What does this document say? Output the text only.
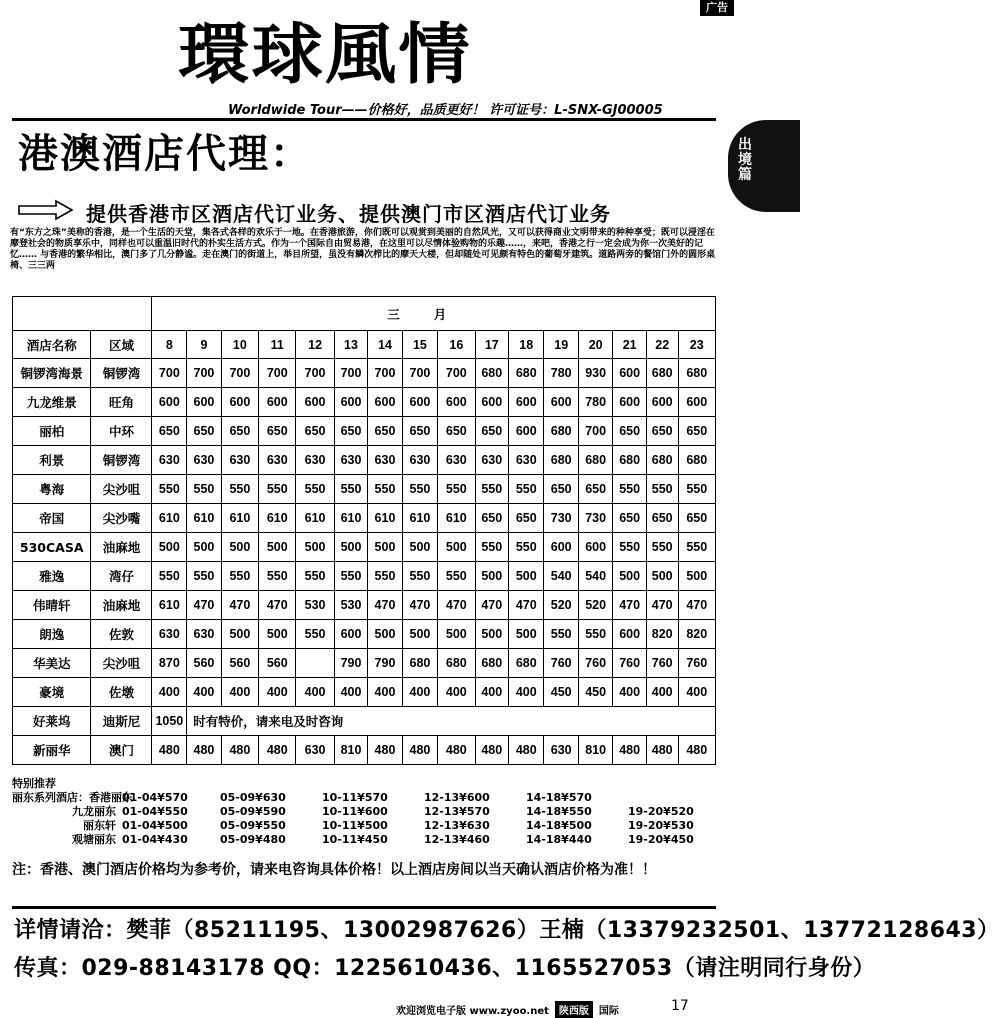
广告
環球風情
Worldwide Tour——价格好，品质更好！ 许可证号：L-SNX-GJ00005
出
境
篇
港澳酒店代理：
提供香港市区酒店代订业务、提供澳门市区酒店代订业务
有“东方之珠”美称的香港，是一个生活的天堂，集各式各样的欢乐于一地。在香港旅游，你们既可以观赏到美丽的自然风光，又可以获得商业文明带来的种种享受；既可以浸淫在摩登社会的物质享乐中，同样也可以重温旧时代的朴实生活方式。作为一个国际自由贸易港，在这里可以尽情体验购物的乐趣……，来吧，香港之行一定会成为你一次美好的记忆…… 与香港的繁华相比，澳门多了几分静谧。走在澳门的街道上，举目所望，虽没有鳞次栉比的摩天大楼，但却随处可见颇有特色的葡萄牙建筑。道路两旁的餐馆门外的圆形桌椅、三三两
		三月															
酒店名称	区域	8	9	10	11	12	13	14	15	16	17	18	19	20	21	22	23
铜锣湾海景	铜锣湾	700	700	700	700	700	700	700	700	700	680	680	780	930	600	680	680
九龙维景	旺角	600	600	600	600	600	600	600	600	600	600	600	600	780	600	600	600
丽柏	中环	650	650	650	650	650	650	650	650	650	650	600	680	700	650	650	650
利景	铜锣湾	630	630	630	630	630	630	630	630	630	630	630	680	680	680	680	680
粤海	尖沙咀	550	550	550	550	550	550	550	550	550	550	550	650	650	550	550	550
帝国	尖沙嘴	610	610	610	610	610	610	610	610	610	650	650	730	730	650	650	650
530CASA	油麻地	500	500	500	500	500	500	500	500	500	550	550	600	600	550	550	550
雅逸	湾仔	550	550	550	550	550	550	550	550	550	500	500	540	540	500	500	500
伟晴轩	油麻地	610	470	470	470	530	530	470	470	470	470	470	520	520	470	470	470
朗逸	佐敦	630	630	500	500	550	600	500	500	500	500	500	550	550	600	820	820
华美达	尖沙咀	870	560	560	560		790	790	680	680	680	680	760	760	760	760	760
豪境	佐墩	400	400	400	400	400	400	400	400	400	400	400	450	450	400	400	400
好莱坞	迪斯尼	1050	时有特价，请来电及时咨询														
新丽华	澳门	480	480	480	480	630	810	480	480	480	480	480	630	810	480	480	480
特别推荐
丽东系列酒店：香港丽东
01-04¥570	05-09¥630	10-11¥570	12-13¥600	14-18¥570
九龙丽东 01-04¥550	05-09¥590	10-11¥600	12-13¥570	14-18¥550	19-20¥520
丽东轩 01-04¥500	05-09¥550	10-11¥500	12-13¥630	14-18¥500	19-20¥530
观塘丽东 01-04¥430	05-09¥480	10-11¥450	12-13¥460	14-18¥440	19-20¥450
注：香港、澳门酒店价格均为参考价，请来电咨询具体价格！以上酒店房间以当天确认酒店价格为准！！
详情请洽：樊菲（85211195、13002987626）王楠（13379232501、13772128643）
传真：029-88143178 QQ：1225610436、1165527053（请注明同行身份）
欢迎浏览电子版 www.zyoo.net	陕西版	国际	17
